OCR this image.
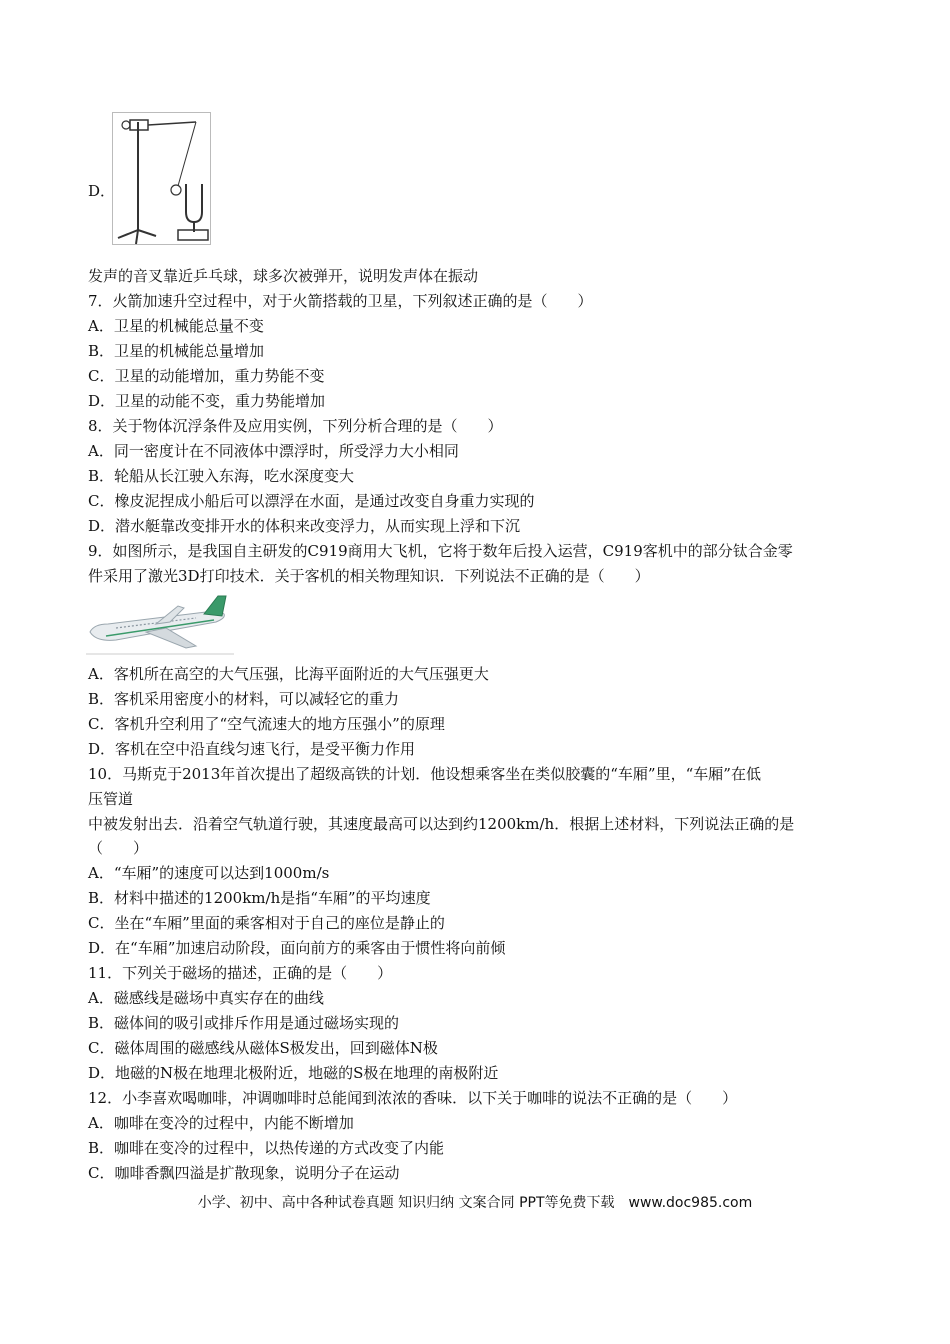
D．
发声的音叉靠近乒乓球，球多次被弹开，说明发声体在振动
7．火箭加速升空过程中，对于火箭搭载的卫星，下列叙述正确的是（　　）
A．卫星的机械能总量不变
B．卫星的机械能总量增加
C．卫星的动能增加，重力势能不变
D．卫星的动能不变，重力势能增加
8．关于物体沉浮条件及应用实例，下列分析合理的是（　　）
A．同一密度计在不同液体中漂浮时，所受浮力大小相同
B．轮船从长江驶入东海，吃水深度变大
C．橡皮泥捏成小船后可以漂浮在水面，是通过改变自身重力实现的
D．潜水艇靠改变排开水的体积来改变浮力，从而实现上浮和下沉
9．如图所示，是我国自主研发的C919商用大飞机，它将于数年后投入运营，C919客机中的部分钛合金零
件采用了激光3D打印技术．关于客机的相关物理知识．下列说法不正确的是（　　）
A．客机所在高空的大气压强，比海平面附近的大气压强更大
B．客机采用密度小的材料，可以减轻它的重力
C．客机升空利用了“空气流速大的地方压强小”的原理
D．客机在空中沿直线匀速飞行，是受平衡力作用
10．马斯克于2013年首次提出了超级高铁的计划．他设想乘客坐在类似胶囊的“车厢”里，“车厢”在低
压管道
中被发射出去．沿着空气轨道行驶，其速度最高可以达到约1200km/h．根据上述材料，下列说法正确的是
（　　）
A．“车厢”的速度可以达到1000m/s
B．材料中描述的1200km/h是指“车厢”的平均速度
C．坐在“车厢”里面的乘客相对于自己的座位是静止的
D．在“车厢”加速启动阶段，面向前方的乘客由于惯性将向前倾
11．下列关于磁场的描述，正确的是（　　）
A．磁感线是磁场中真实存在的曲线
B．磁体间的吸引或排斥作用是通过磁场实现的
C．磁体周围的磁感线从磁体S极发出，回到磁体N极
D．地磁的N极在地理北极附近，地磁的S极在地理的南极附近
12．小李喜欢喝咖啡，冲调咖啡时总能闻到浓浓的香味．以下关于咖啡的说法不正确的是（　　）
A．咖啡在变冷的过程中，内能不断增加
B．咖啡在变冷的过程中，以热传递的方式改变了内能
C．咖啡香飘四溢是扩散现象，说明分子在运动
小学、初中、高中各种试卷真题 知识归纳 文案合同 PPT等免费下载　www.doc985.com
